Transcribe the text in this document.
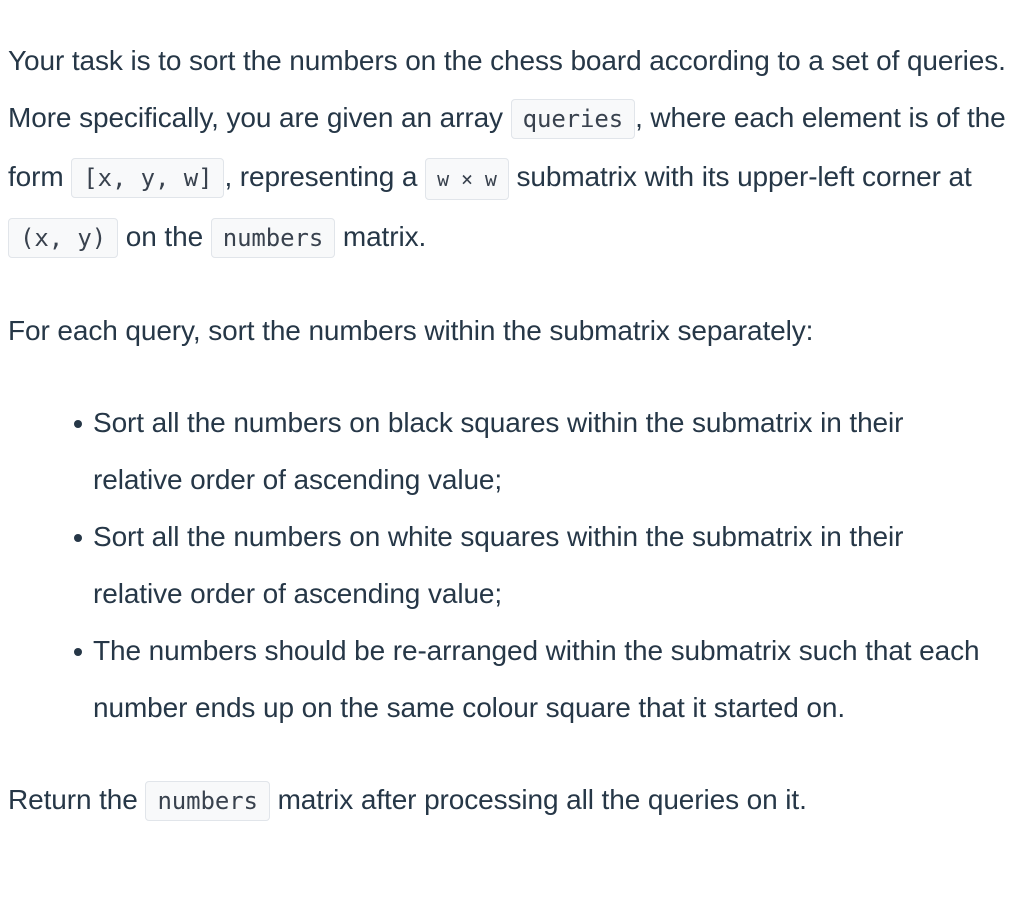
Your task is to sort the numbers on the chess board according to a set of queries. More specifically, you are given an array queries , where each element is of the form [x, y, w] , representing a w × w submatrix with its upper-left corner at (x, y) on the numbers matrix.

For each query, sort the numbers within the submatrix separately:

Sort all the numbers on black squares within the submatrix in their relative order of ascending value;
Sort all the numbers on white squares within the submatrix in their relative order of ascending value;
The numbers should be re-arranged within the submatrix such that each number ends up on the same colour square that it started on.

Return the numbers matrix after processing all the queries on it.
